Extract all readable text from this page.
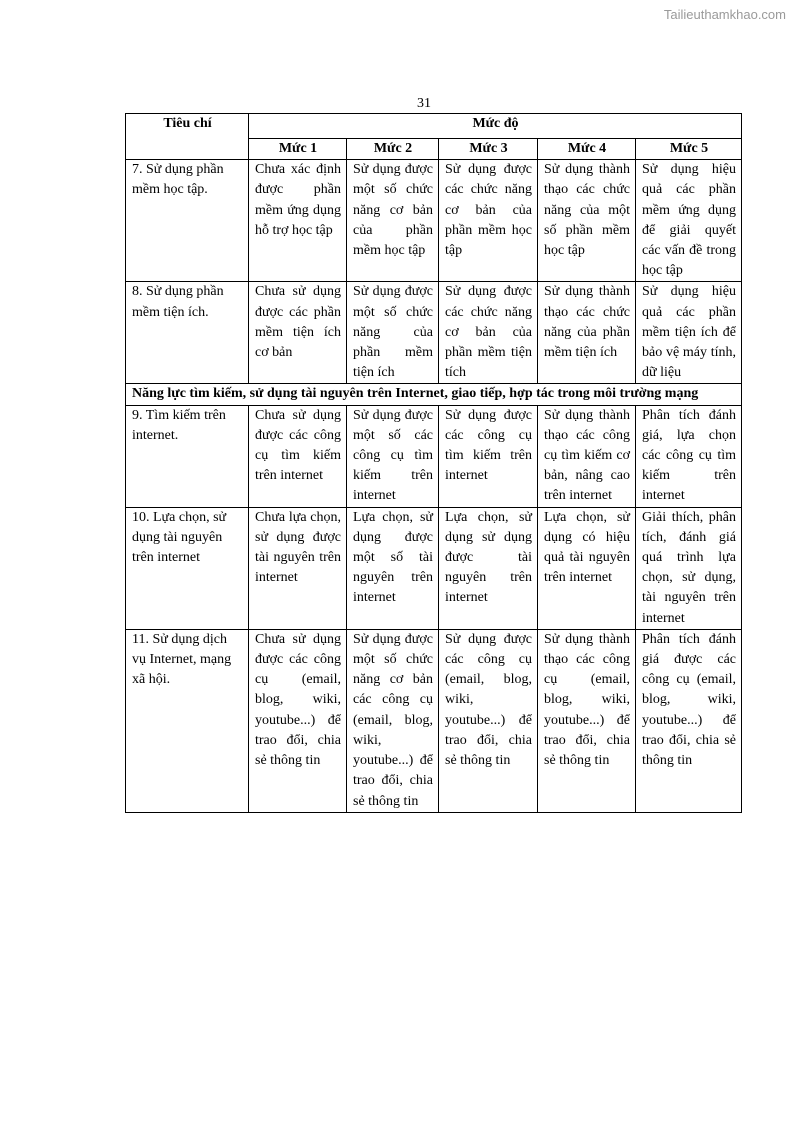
Tailieuthamkhao.com
31
Tiêu chí	Mức độ				
	Mức 1	Mức 2	Mức 3	Mức 4	Mức 5
7. Sử dụng phần mềm học tập.	Chưa xác định được phần mềm ứng dụng hỗ trợ học tập	Sử dụng được một số chức năng cơ bản của phần mềm học tập	Sử dụng được các chức năng cơ bản của phần mềm học tập	Sử dụng thành thạo các chức năng của một số phần mềm học tập	Sử dụng hiệu quả các phần mềm ứng dụng để giải quyết các vấn đề trong học tập
8. Sử dụng phần mềm tiện ích.	Chưa sử dụng được các phần mềm tiện ích cơ bản	Sử dụng được một số chức năng của phần mềm tiện ích	Sử dụng được các chức năng cơ bản của phần mềm tiện tích	Sử dụng thành thạo các chức năng của phần mềm tiện ích	Sử dụng hiệu quả các phần mềm tiện ích để bảo vệ máy tính, dữ liệu
Năng lực tìm kiếm, sử dụng tài nguyên trên Internet, giao tiếp, hợp tác trong môi trường mạng					
9. Tìm kiếm trên internet.	Chưa sử dụng được các công cụ tìm kiếm trên internet	Sử dụng được một số các công cụ tìm kiếm trên internet	Sử dụng được các công cụ tìm kiếm trên internet	Sử dụng thành thạo các công cụ tìm kiếm cơ bản, nâng cao trên internet	Phân tích đánh giá, lựa chọn các công cụ tìm kiếm trên internet
10. Lựa chọn, sử dụng tài nguyên trên internet	Chưa lựa chọn, sử dụng được tài nguyên trên internet	Lựa chọn, sử dụng được một số tài nguyên trên internet	Lựa chọn, sử dụng sử dụng được tài nguyên trên internet	Lựa chọn, sử dụng có hiệu quả tài nguyên trên internet	Giải thích, phân tích, đánh giá quá trình lựa chọn, sử dụng, tài nguyên trên internet
11. Sử dụng dịch vụ Internet, mạng xã hội.	Chưa sử dụng được các công cụ (email, blog, wiki, youtube...) để trao đổi, chia sẻ thông tin	Sử dụng được một số chức năng cơ bản các công cụ (email, blog, wiki, youtube...) để trao đổi, chia sẻ thông tin	Sử dụng được các công cụ (email, blog, wiki, youtube...) để trao đổi, chia sẻ thông tin	Sử dụng thành thạo các công cụ (email, blog, wiki, youtube...) để trao đổi, chia sẻ thông tin	Phân tích đánh giá được các công cụ (email, blog, wiki, youtube...) để trao đổi, chia sẻ thông tin
